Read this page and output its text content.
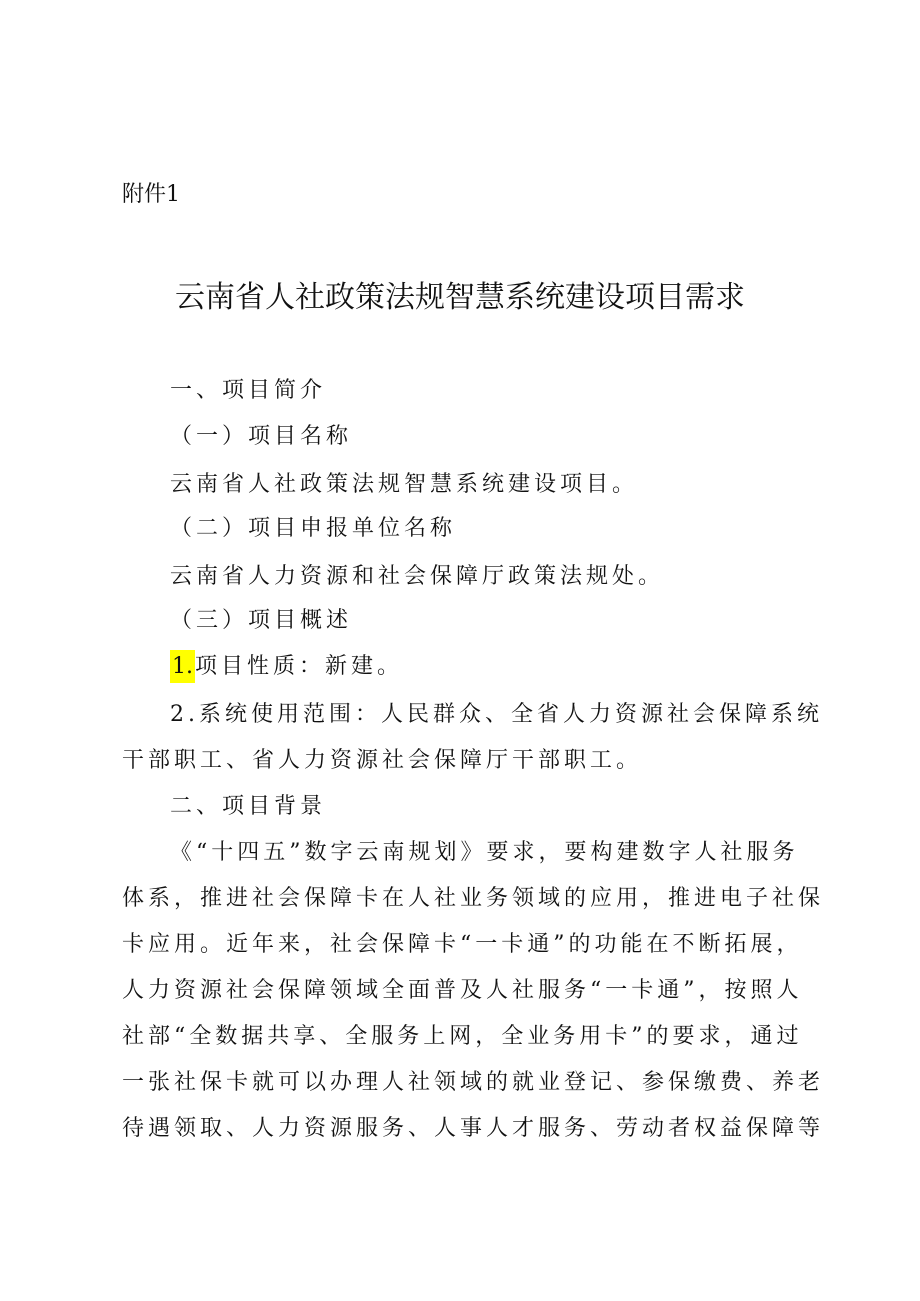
附件1
云南省人社政策法规智慧系统建设项目需求
一、项目简介
（一）项目名称
云南省人社政策法规智慧系统建设项目。
（二）项目申报单位名称
云南省人力资源和社会保障厅政策法规处。
（三）项目概述
1.项目性质：新建。
2.系统使用范围：人民群众、全省人力资源社会保障系统
干部职工、省人力资源社会保障厅干部职工。
二、项目背景
《“十四五”数字云南规划》要求，要构建数字人社服务
体系，推进社会保障卡在人社业务领域的应用，推进电子社保
卡应用。近年来，社会保障卡“一卡通”的功能在不断拓展，
人力资源社会保障领域全面普及人社服务“一卡通”，按照人
社部“全数据共享、全服务上网，全业务用卡”的要求，通过
一张社保卡就可以办理人社领域的就业登记、参保缴费、养老
待遇领取、人力资源服务、人事人才服务、劳动者权益保障等
